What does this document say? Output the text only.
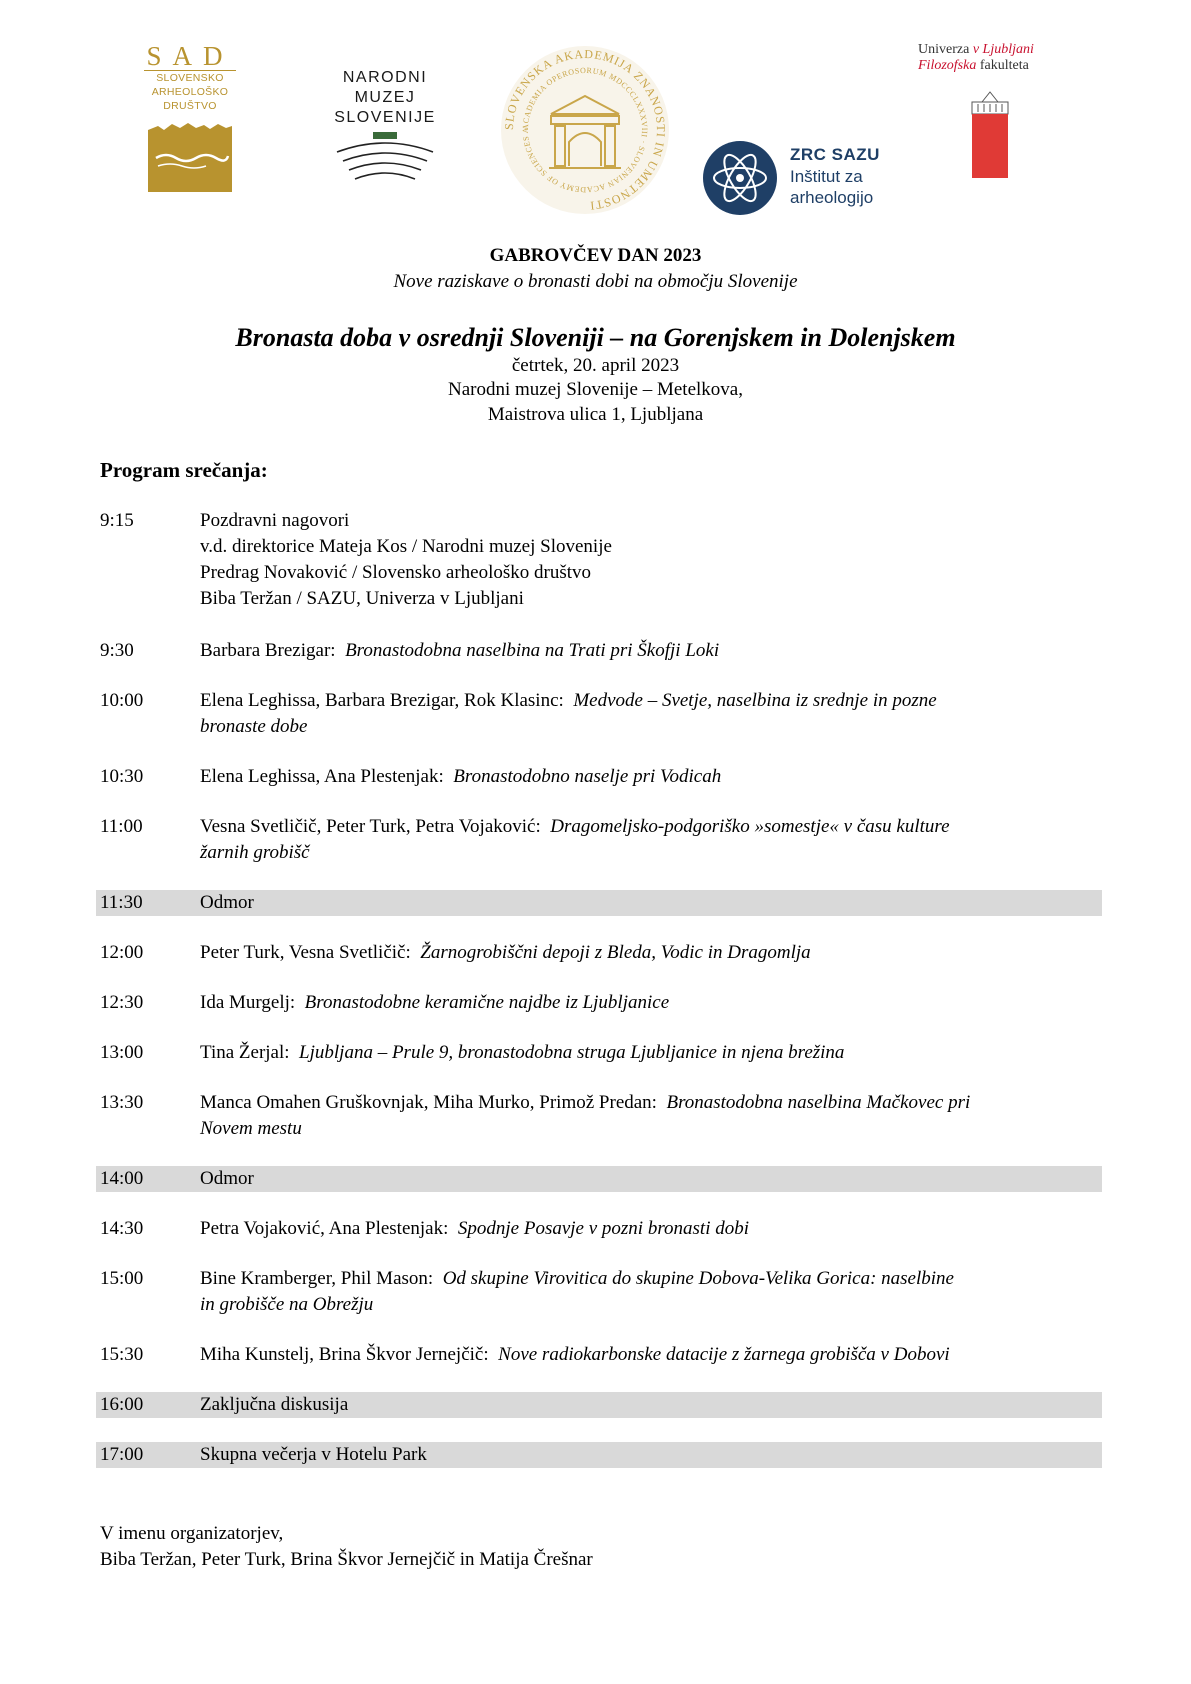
SAD
SLOVENSKO
ARHEOLOŠKO
DRUŠTVO
NARODNI
MUZEJ
SLOVENIJE
SLOVENSKA AKADEMIJA ZNANOSTI IN UMETNOSTI
ACADEMIA OPEROSORUM MDCCCLXXXVIII · SLOVENIAN ACADEMY OF SCIENCES A
ZRC SAZU
Inštitut za
arheologijo
Univerza v Ljubljani
Filozofska fakulteta
GABROVČEV DAN 2023
Nove raziskave o bronasti dobi na območju Slovenije
Bronasta doba v osrednji Sloveniji – na Gorenjskem in Dolenjskem
četrtek, 20. april 2023
Narodni muzej Slovenije – Metelkova,
Maistrova ulica 1, Ljubljana
Program srečanja:
9:15	Pozdravni nagovori
v.d. direktorice Mateja Kos / Narodni muzej Slovenije
Predrag Novaković / Slovensko arheološko društvo
Biba Teržan / SAZU, Univerza v Ljubljani
9:30	Barbara Brezigar: Bronastodobna naselbina na Trati pri Škofji Loki
10:00	Elena Leghissa, Barbara Brezigar, Rok Klasinc: Medvode – Svetje, naselbina iz srednje in pozne
bronaste dobe
10:30	Elena Leghissa, Ana Plestenjak: Bronastodobno naselje pri Vodicah
11:00	Vesna Svetličič, Peter Turk, Petra Vojaković: Dragomeljsko-podgoriško »somestje« v času kulture
žarnih grobišč
11:30	Odmor
12:00	Peter Turk, Vesna Svetličič: Žarnogrobiščni depoji z Bleda, Vodic in Dragomlja
12:30	Ida Murgelj: Bronastodobne keramične najdbe iz Ljubljanice
13:00	Tina Žerjal: Ljubljana – Prule 9, bronastodobna struga Ljubljanice in njena brežina
13:30	Manca Omahen Gruškovnjak, Miha Murko, Primož Predan: Bronastodobna naselbina Mačkovec pri
Novem mestu
14:00	Odmor
14:30	Petra Vojaković, Ana Plestenjak: Spodnje Posavje v pozni bronasti dobi
15:00	Bine Kramberger, Phil Mason: Od skupine Virovitica do skupine Dobova-Velika Gorica: naselbine
in grobišče na Obrežju
15:30	Miha Kunstelj, Brina Škvor Jernejčič: Nove radiokarbonske datacije z žarnega grobišča v Dobovi
16:00	Zaključna diskusija
17:00	Skupna večerja v Hotelu Park
V imenu organizatorjev,
Biba Teržan, Peter Turk, Brina Škvor Jernejčič in Matija Črešnar
